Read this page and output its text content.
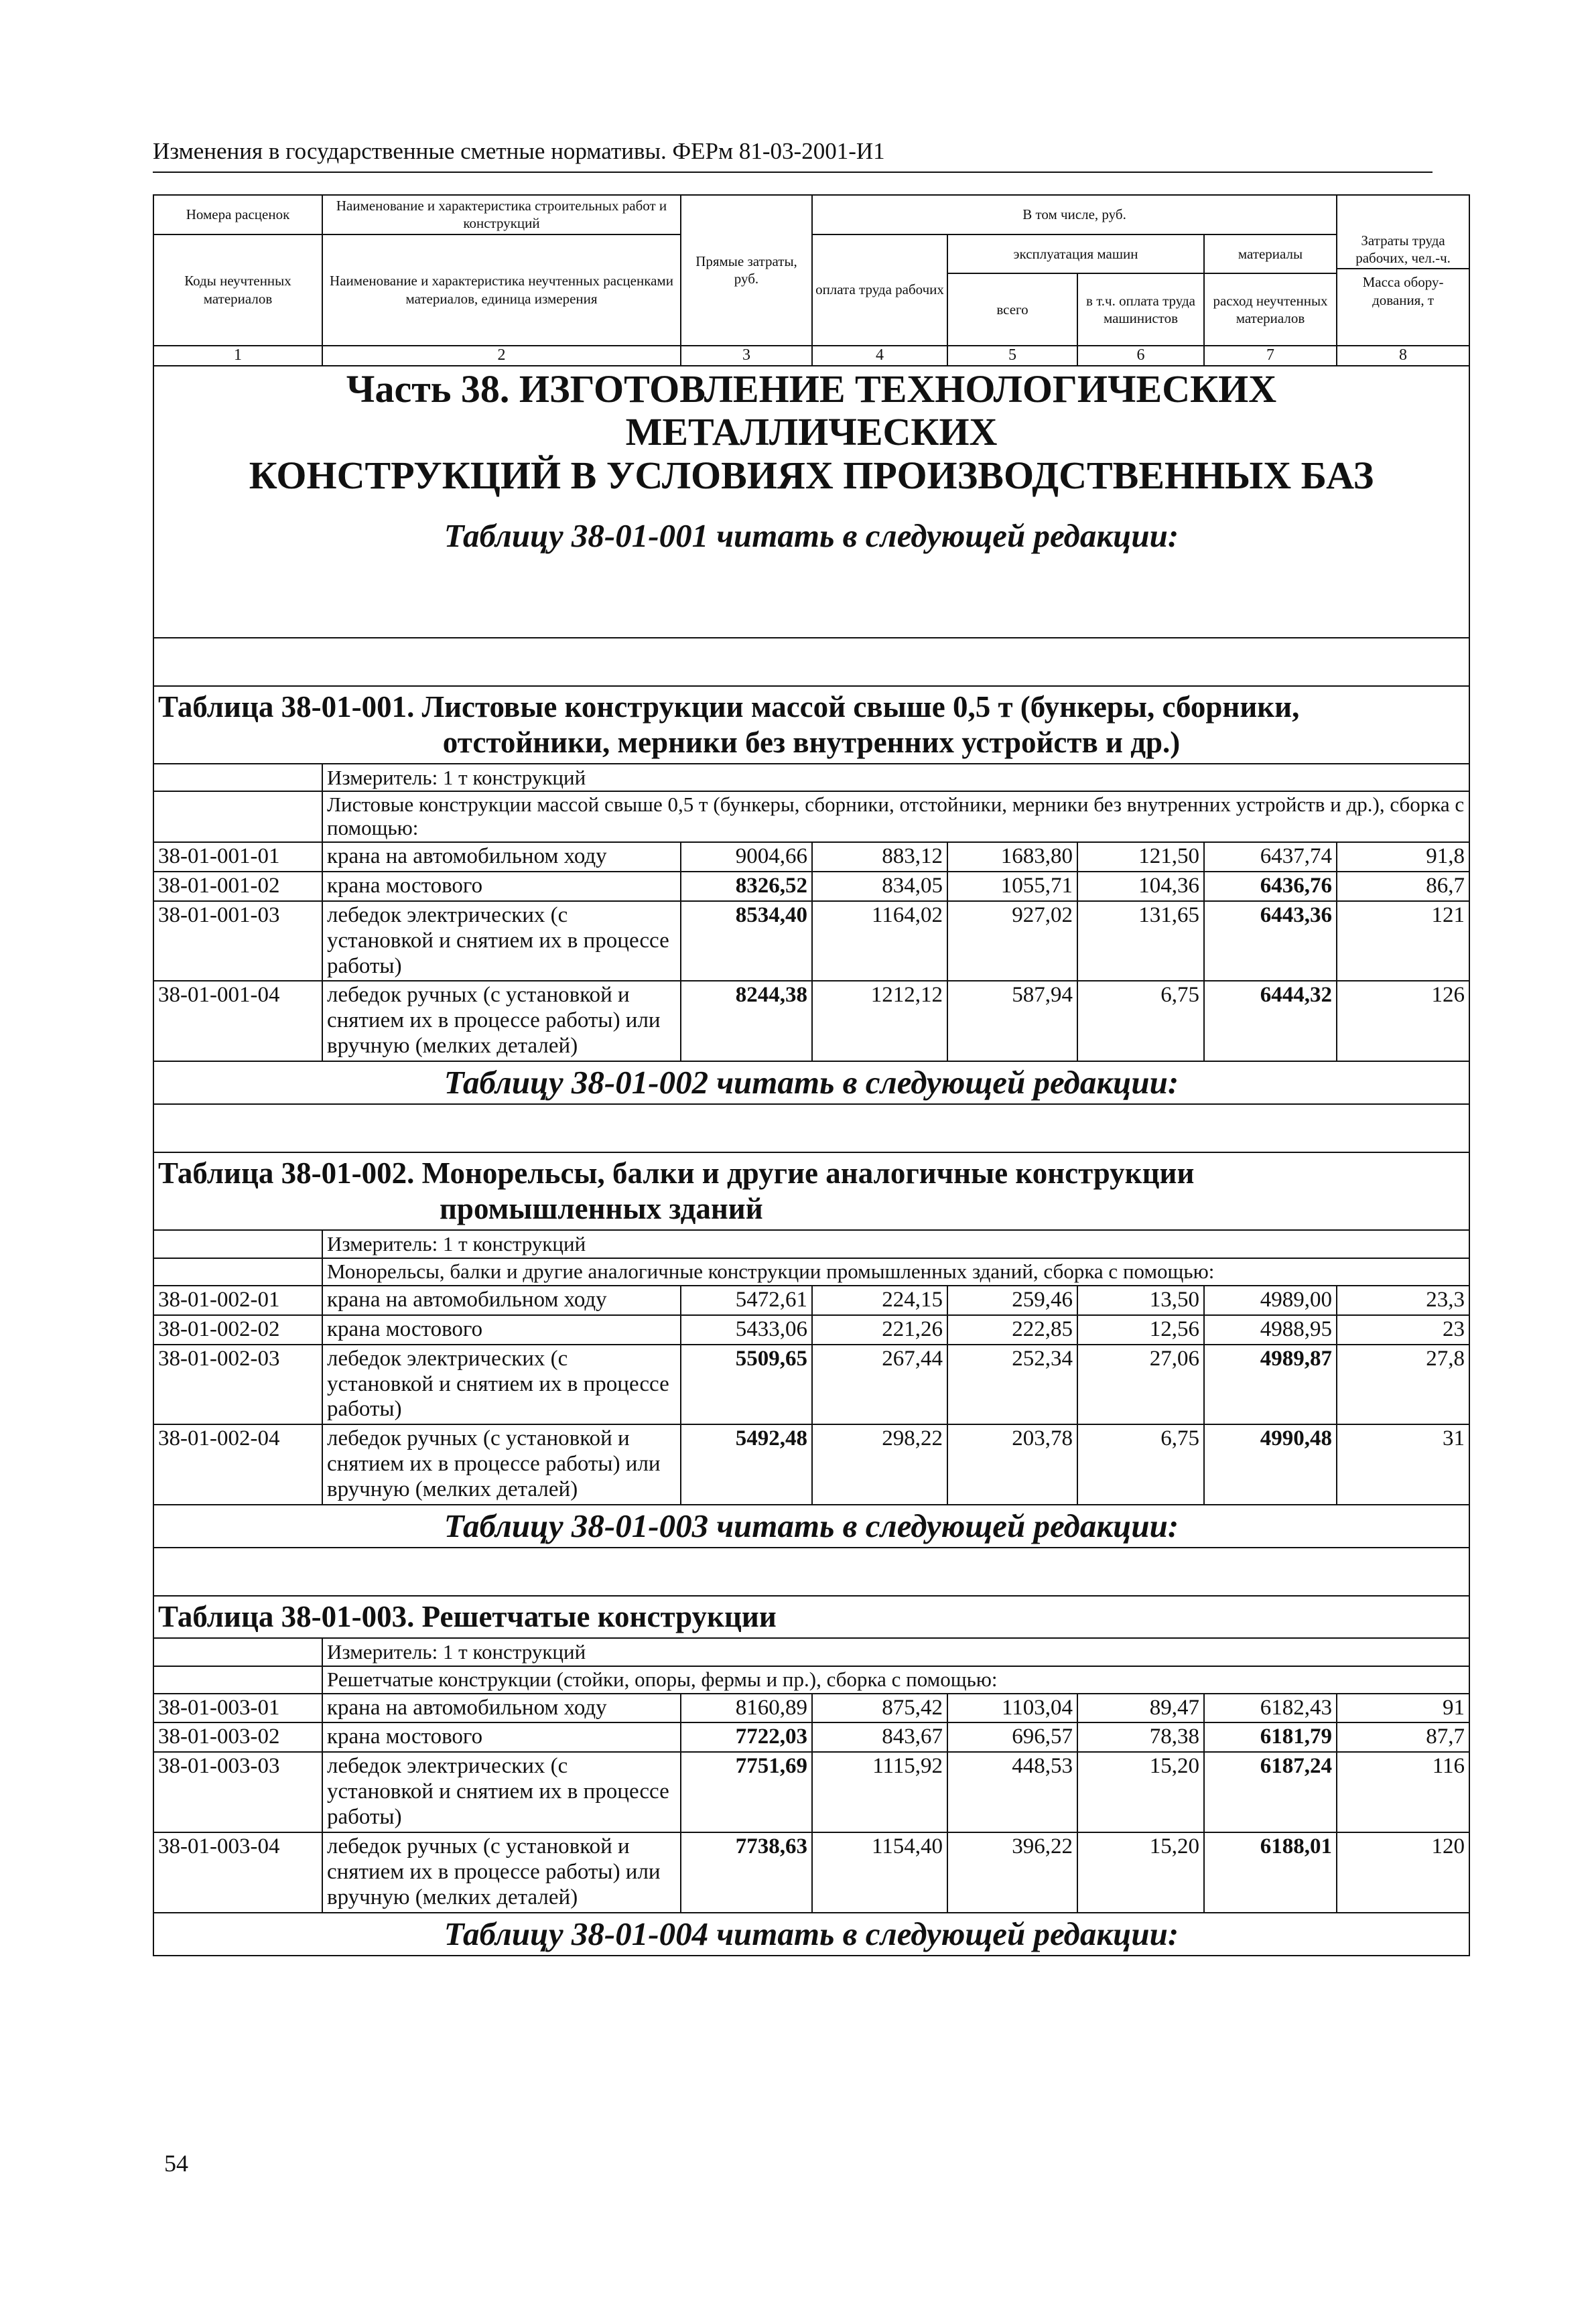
Изменения в государственные сметные нормативы. ФЕРм 81-03-2001-И1
Номера расценок	Наименование и характеристика строительных работ и конструкций	Прямые затраты, руб.	В том числе, руб.				Затраты труда рабочих, чел.-ч.
Масса обору-дования, т

Коды неучтенных материалов	Наименование и характеристика неучтенных расценками материалов, единица измерения		оплата труда рабочих	эксплуатация машин		материалы	
				всего	в т.ч. оплата труда машинистов	расход неучтенных материалов	
1	2	3	4	5	6	7	8

Часть 38. ИЗГОТОВЛЕНИЕ ТЕХНОЛОГИЧЕСКИХ МЕТАЛЛИЧЕСКИХ
КОНСТРУКЦИЙ В УСЛОВИЯХ ПРОИЗВОДСТВЕННЫХ БАЗ
Таблицу 38-01-001 читать в следующей редакции:							

Таблица 38-01-001. Листовые конструкции массой свыше 0,5 т (бункеры, сборники,
отстойники, мерники без внутренних устройств и др.)							

	Измеритель: 1 т конструкций						
	Листовые конструкции массой свыше 0,5 т (бункеры, сборники, отстойники, мерники без внутренних устройств и др.), сборка с помощью:						
38-01-001-01	крана на автомобильном ходу	9004,66	883,12	1683,80	121,50	6437,74	91,8
38-01-001-02	крана мостового	8326,52	834,05	1055,71	104,36	6436,76	86,7
38-01-001-03	лебедок электрических (с установкой и снятием их в процессе работы)	8534,40	1164,02	927,02	131,65	6443,36	121
38-01-001-04	лебедок ручных (с установкой и снятием их в процессе работы) или вручную (мелких деталей)	8244,38	1212,12	587,94	6,75	6444,32	126

Таблицу 38-01-002 читать в следующей редакции:							

Таблица 38-01-002. Монорельсы, балки и другие аналогичные конструкции
промышленных зданий							

	Измеритель: 1 т конструкций						
	Монорельсы, балки и другие аналогичные конструкции промышленных зданий, сборка с помощью:						
38-01-002-01	крана на автомобильном ходу	5472,61	224,15	259,46	13,50	4989,00	23,3
38-01-002-02	крана мостового	5433,06	221,26	222,85	12,56	4988,95	23
38-01-002-03	лебедок электрических (с установкой и снятием их в процессе работы)	5509,65	267,44	252,34	27,06	4989,87	27,8
38-01-002-04	лебедок ручных (с установкой и снятием их в процессе работы) или вручную (мелких деталей)	5492,48	298,22	203,78	6,75	4990,48	31

Таблицу 38-01-003 читать в следующей редакции:							

Таблица 38-01-003. Решетчатые конструкции							
	Измеритель: 1 т конструкций						
	Решетчатые конструкции (стойки, опоры, фермы и пр.), сборка с помощью:						
38-01-003-01	крана на автомобильном ходу	8160,89	875,42	1103,04	89,47	6182,43	91
38-01-003-02	крана мостового	7722,03	843,67	696,57	78,38	6181,79	87,7
38-01-003-03	лебедок электрических (с установкой и снятием их в процессе работы)	7751,69	1115,92	448,53	15,20	6187,24	116
38-01-003-04	лебедок ручных (с установкой и снятием их в процессе работы) или вручную (мелких деталей)	7738,63	1154,40	396,22	15,20	6188,01	120

Таблицу 38-01-004 читать в следующей редакции:							
54
